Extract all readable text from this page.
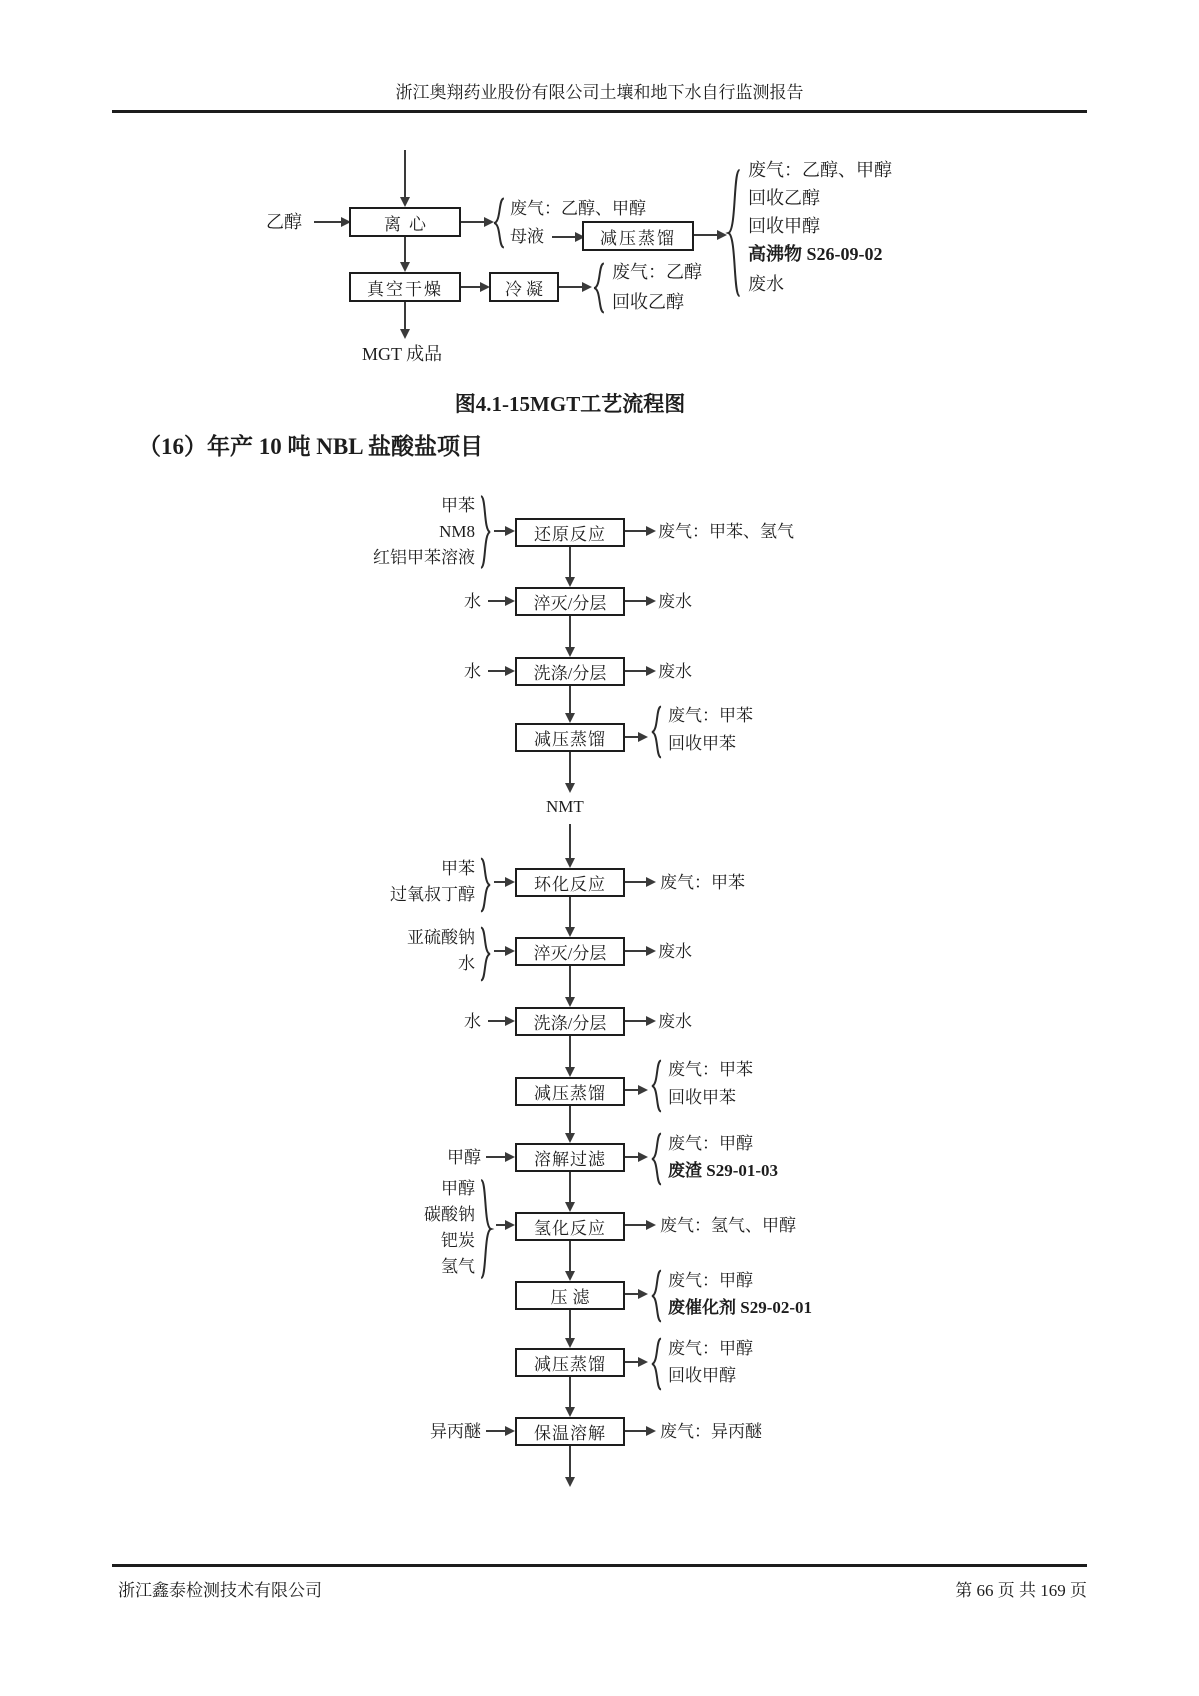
浙江奥翔药业股份有限公司土壤和地下水自行监测报告
乙醇	离心
废气：乙醇、甲醇
母液	减压蒸馏
废气：乙醇、甲醇
回收乙醇
回收甲醇
高沸物 S26-09-02
废水
真空干燥	冷凝
废气：乙醇
回收乙醇
MGT 成品
图4.1-15MGT工艺流程图
（16）年产 10 吨 NBL 盐酸盐项目
甲苯
NM8
红铝甲苯溶液
还原反应	废气：甲苯、氢气
水	淬灭/分层	废水
水	洗涤/分层	废水
减压蒸馏
废气：甲苯
回收甲苯
NMT
甲苯
过氧叔丁醇
环化反应	废气：甲苯
亚硫酸钠
水
淬灭/分层	废水
水	洗涤/分层	废水
减压蒸馏
废气：甲苯
回收甲苯
甲醇	溶解过滤
废气：甲醇
废渣 S29-01-03
甲醇
碳酸钠
钯炭
氢气
氢化反应	废气：氢气、甲醇
压滤
废气：甲醇
废催化剂 S29-02-01
减压蒸馏
废气：甲醇
回收甲醇
异丙醚	保温溶解	废气：异丙醚
浙江鑫泰检测技术有限公司	第 66 页 共 169 页
